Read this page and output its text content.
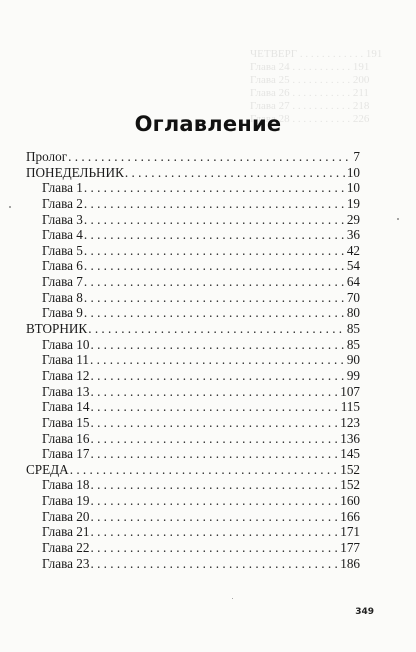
ЧЕТВЕРГ . . . . . . . . . . . . 191
Глава 24 . . . . . . . . . . . 191
Глава 25 . . . . . . . . . . . 200
Глава 26 . . . . . . . . . . . 211
Глава 27 . . . . . . . . . . . 218
Глава 28 . . . . . . . . . . . 226
Оглавление
Пролог . . .	7
ПОНЕДЕЛЬНИК . . .	10
Глава 1 . . .	10
Глава 2 . . .	19
Глава 3 . . .	29
Глава 4 . . .	36
Глава 5 . . .	42
Глава 6 . . .	54
Глава 7 . . .	64
Глава 8 . . .	70
Глава 9 . . .	80
ВТОРНИК . . .	85
Глава 10 . . .	85
Глава 11 . . .	90
Глава 12 . . .	99
Глава 13 . . .	107
Глава 14 . . .	115
Глава 15 . . .	123
Глава 16 . . .	136
Глава 17 . . .	145
СРЕДА . . .	152
Глава 18 . . .	152
Глава 19 . . .	160
Глава 20 . . .	166
Глава 21 . . .	171
Глава 22 . . .	177
Глава 23 . . .	186
349
